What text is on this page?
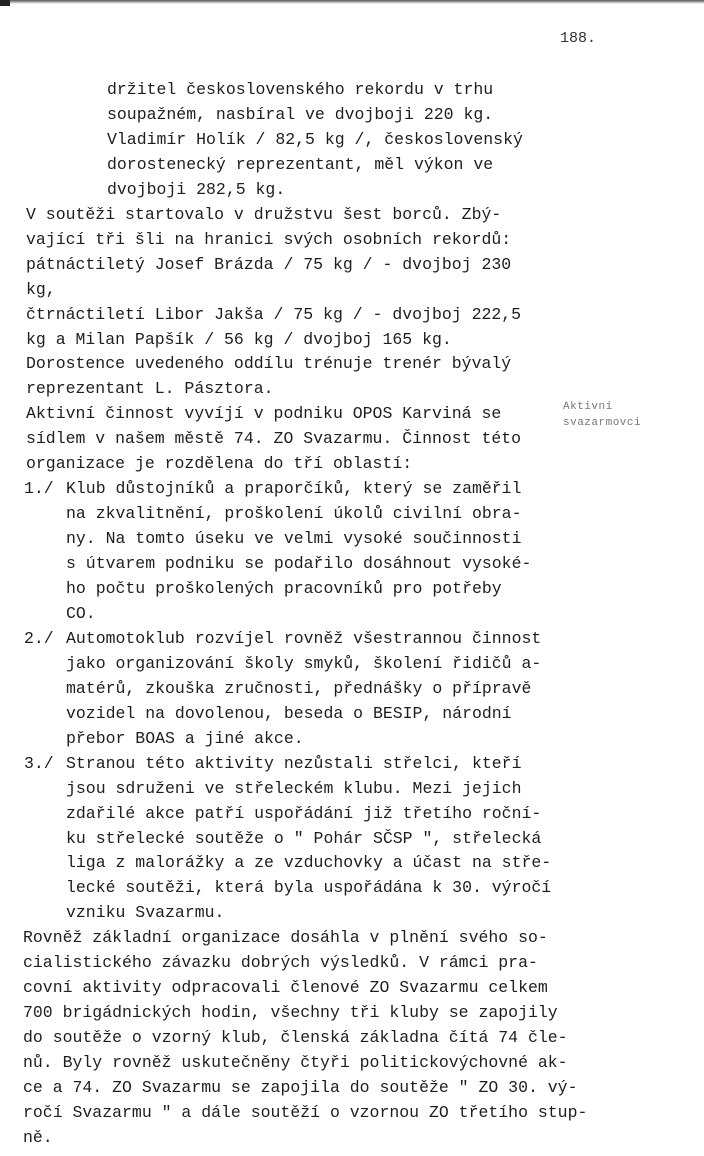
188.
Aktivní
svazarmovci
držitel československého rekordu v trhu
soupažném, nasbíral ve dvojboji 220 kg.
Vladimír Holík / 82,5 kg /, československý
dorostenecký reprezentant, měl výkon ve
dvojboji 282,5 kg.
V soutěži startovalo v družstvu šest borců. Zbý-
vající tři šli na hranici svých osobních rekordů:
pátnáctiletý Josef Brázda / 75 kg / - dvojboj 230
kg,
čtrnáctiletí Libor Jakša / 75 kg / - dvojboj 222,5
kg a Milan Papšík / 56 kg / dvojboj 165 kg.
Dorostence uvedeného oddílu trénuje trenér bývalý
reprezentant L. Pásztora.
Aktivní činnost vyvíjí v podniku OPOS Karviná se
sídlem v našem městě 74. ZO Svazarmu. Činnost této
organizace je rozdělena do tří oblastí:
1./ Klub důstojníků a praporčíků, který se zaměřil
na zkvalitnění, proškolení úkolů civilní obra-
ny. Na tomto úseku ve velmi vysoké součinnosti
s útvarem podniku se podařilo dosáhnout vysoké-
ho počtu proškolených pracovníků pro potřeby
CO.
2./ Automotoklub rozvíjel rovněž všestrannou činnost
jako organizování školy smyků, školení řidičů a-
matérů, zkouška zručnosti, přednášky o přípravě
vozidel na dovolenou, beseda o BESIP, národní
přebor BOAS a jiné akce.
3./ Stranou této aktivity nezůstali střelci, kteří
jsou sdruženi ve střeleckém klubu. Mezi jejich
zdařilé akce patří uspořádání již třetího roční-
ku střelecké soutěže o " Pohár SČSP ", střelecká
liga z malorážky a ze vzduchovky a účast na stře-
lecké soutěži, která byla uspořádána k 30. výročí
vzniku Svazarmu.
Rovněž základní organizace dosáhla v plnění svého so-
cialistického závazku dobrých výsledků. V rámci pra-
covní aktivity odpracovali členové ZO Svazarmu celkem
700 brigádnických hodin, všechny tři kluby se zapojily
do soutěže o vzorný klub, členská základna čítá 74 čle-
nů. Byly rovněž uskutečněny čtyři politickovýchovné ak-
ce a 74. ZO Svazarmu se zapojila do soutěže " ZO 30. vý-
ročí Svazarmu " a dále soutěží o vzornou ZO třetího stup-
ně.
